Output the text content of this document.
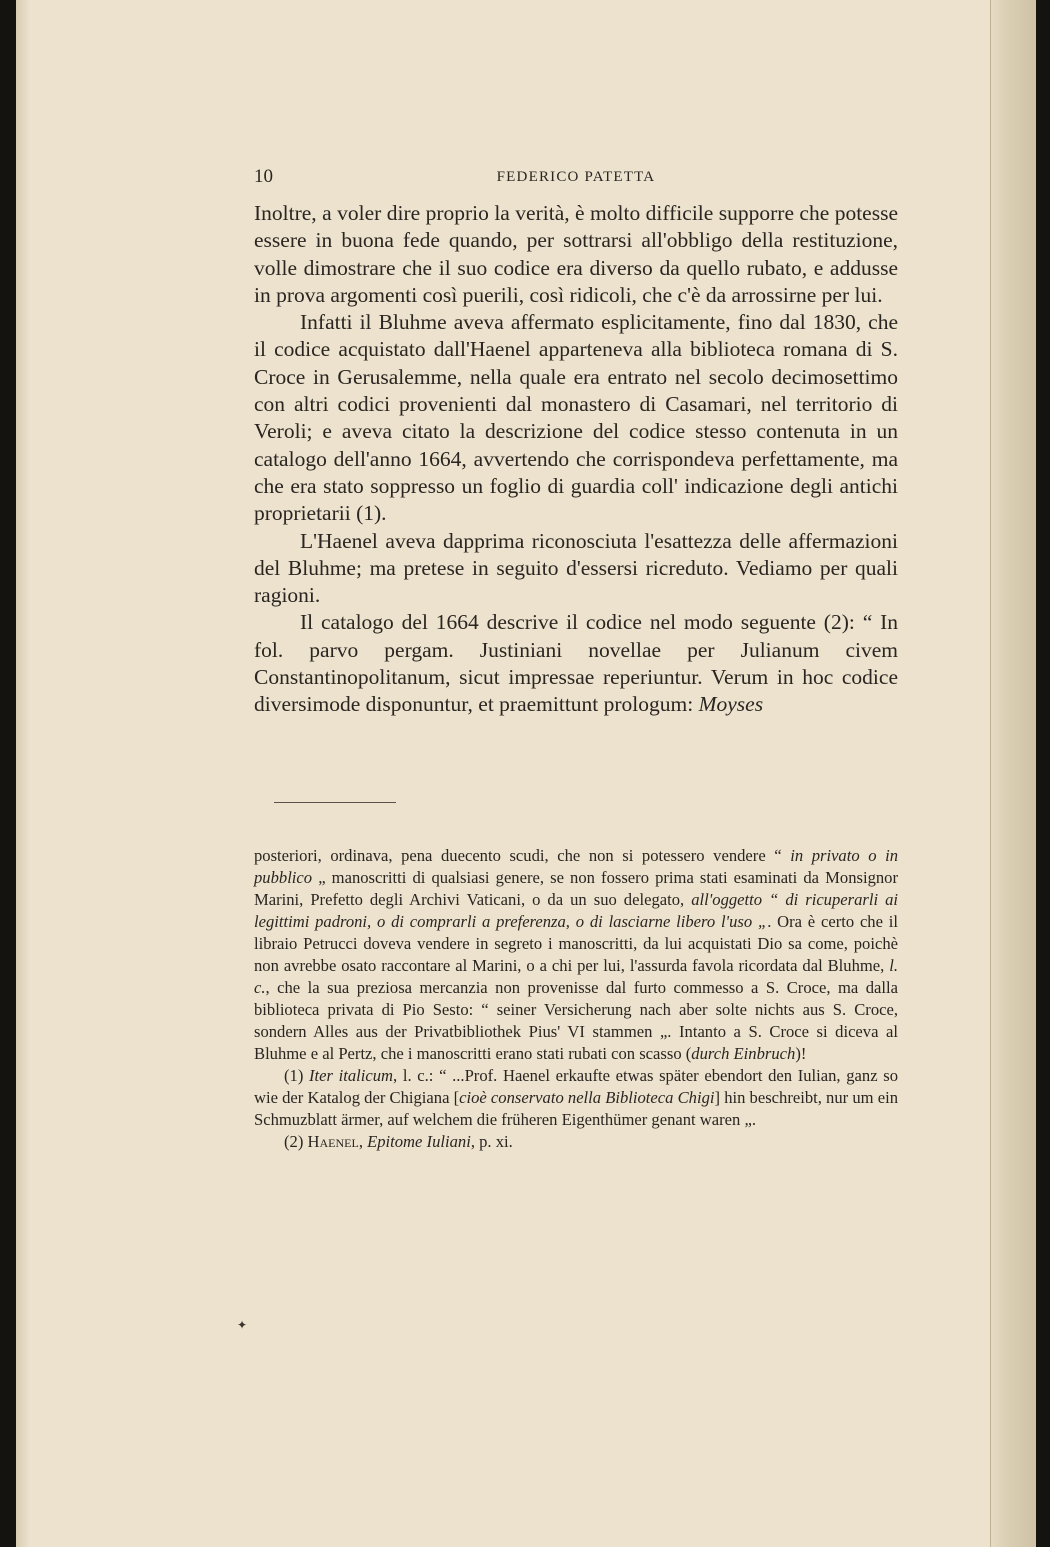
10	FEDERICO PATETTA

Inoltre, a voler dire proprio la verità, è molto difficile supporre che potesse essere in buona fede quando, per sottrarsi all'obbligo della restituzione, volle dimostrare che il suo codice era diverso da quello rubato, e addusse in prova argomenti così puerili, così ridicoli, che c'è da arrossirne per lui.

Infatti il Bluhme aveva affermato esplicitamente, fino dal 1830, che il codice acquistato dall'Haenel apparteneva alla biblioteca romana di S. Croce in Gerusalemme, nella quale era entrato nel secolo decimosettimo con altri codici provenienti dal monastero di Casamari, nel territorio di Veroli; e aveva citato la descrizione del codice stesso contenuta in un catalogo dell'anno 1664, avvertendo che corrispondeva perfettamente, ma che era stato soppresso un foglio di guardia coll' indicazione degli antichi proprietarii (1).

L'Haenel aveva dapprima riconosciuta l'esattezza delle affermazioni del Bluhme; ma pretese in seguito d'essersi ricreduto. Vediamo per quali ragioni.

Il catalogo del 1664 descrive il codice nel modo seguente (2): “ In fol. parvo pergam. Justiniani novellae per Julianum civem Constantinopolitanum, sicut impressae reperiuntur. Verum in hoc codice diversimode disponuntur, et praemittunt prologum: Moyses

posteriori, ordinava, pena duecento scudi, che non si potessero vendere “ in privato o in pubblico „ manoscritti di qualsiasi genere, se non fossero prima stati esaminati da Monsignor Marini, Prefetto degli Archivi Vaticani, o da un suo delegato, all'oggetto “ di ricuperarli ai legittimi padroni, o di comprarli a preferenza, o di lasciarne libero l'uso „. Ora è certo che il libraio Petrucci doveva vendere in segreto i manoscritti, da lui acquistati Dio sa come, poichè non avrebbe osato raccontare al Marini, o a chi per lui, l'assurda favola ricordata dal Bluhme, l. c., che la sua preziosa mercanzia non provenisse dal furto commesso a S. Croce, ma dalla biblioteca privata di Pio Sesto: “ seiner Versicherung nach aber solte nichts aus S. Croce, sondern Alles aus der Privatbibliothek Pius' VI stammen „. Intanto a S. Croce si diceva al Bluhme e al Pertz, che i manoscritti erano stati rubati con scasso (durch Einbruch)!

(1) Iter italicum, l. c.: “ ...Prof. Haenel erkaufte etwas später ebendort den Iulian, ganz so wie der Katalog der Chigiana [cioè conservato nella Biblioteca Chigi] hin beschreibt, nur um ein Schmuzblatt ärmer, auf welchem die früheren Eigenthümer genant waren „.

(2) Haenel, Epitome Iuliani, p. xi.

✦
